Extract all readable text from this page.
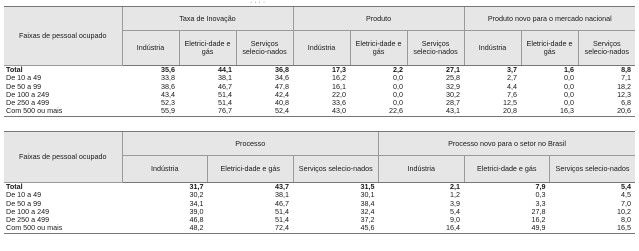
· · · ·
Faixas de pessoal ocupado	Taxa de Inovação			Produto			Produto novo para o mercado nacional		
	Indústria	Eletrici-dade e gás	Serviços selecio-nados	Indústria	Eletrici-dade e gás	Serviços selecio-nados	Indústria	Eletrici-dade e gás	Serviços selecio-nados
Total	35,6	44,1	36,8	17,3	2,2	27,1	3,7	1,6	8,8
De 10 a 49	33,8	38,1	34,6	16,2	0,0	25,8	2,7	0,0	7,1
De 50 a 99	38,6	46,7	47,8	16,1	0,0	32,9	4,4	0,0	18,2
De 100 a 249	43,4	51,4	42,4	22,0	0,0	30,2	7,6	0,0	12,3
De 250 a 499	52,3	51,4	40,8	33,6	0,0	28,7	12,5	0,0	6,8
Com 500 ou mais	55,9	76,7	52,4	43,0	22,6	43,1	20,8	16,3	20,6
Faixas de pessoal ocupado	Processo			Processo novo para o setor no Brasil		
	Indústria	Eletrici-dade e gás	Serviços selecio-nados	Indústria	Eletrici-dade e gás	Serviços selecio-nados
Total	31,7	43,7	31,5	2,1	7,9	5,4
De 10 a 49	30,2	38,1	30,1	1,2	0,3	4,5
De 50 a 99	34,1	46,7	38,4	3,9	3,3	7,0
De 100 a 249	39,0	51,4	32,4	5,4	27,8	10,2
De 250 a 499	46,8	51,4	37,2	9,0	16,2	8,0
Com 500 ou mais	48,2	72,4	45,6	16,4	49,9	16,5
